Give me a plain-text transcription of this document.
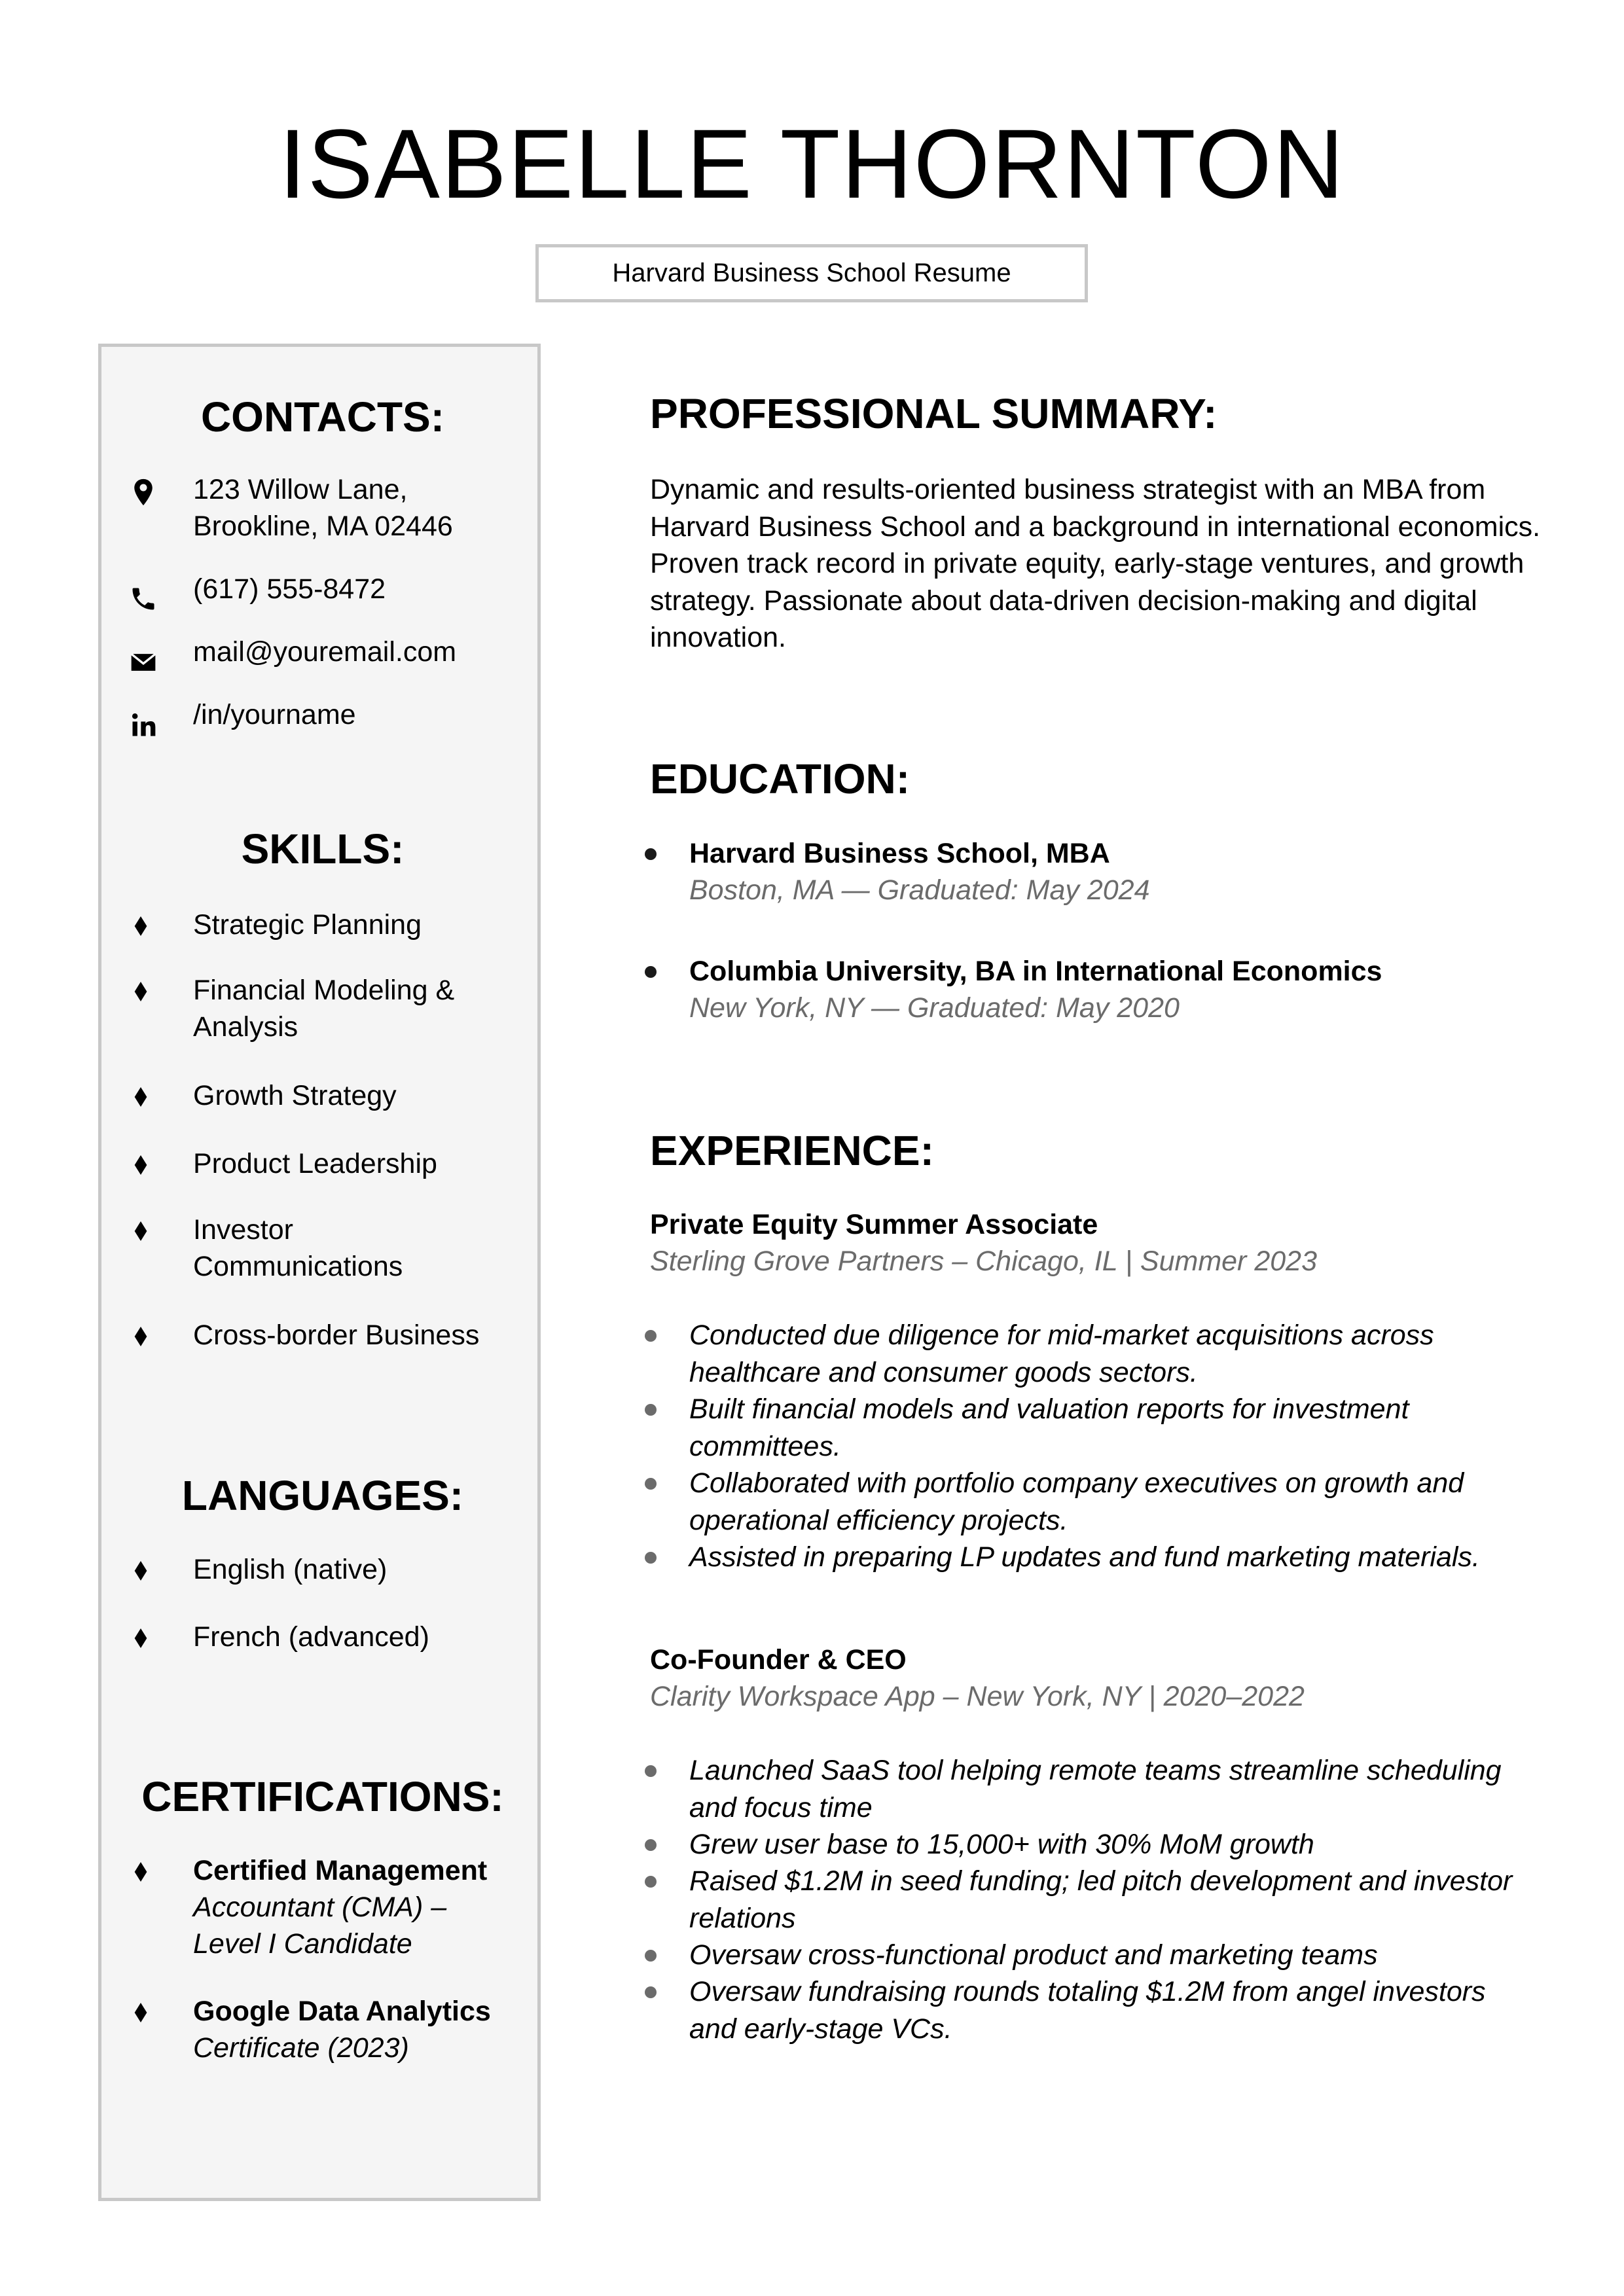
ISABELLE THORNTON
Harvard Business School Resume
CONTACTS:
123 Willow Lane,
Brookline, MA 02446
(617) 555-8472
mail@youremail.com
/in/yourname
SKILLS:
Strategic Planning
Financial Modeling &
Analysis
Growth Strategy
Product Leadership
Investor
Communications
Cross-border Business
LANGUAGES:
English (native)
French (advanced)
CERTIFICATIONS:
Certified Management
Accountant (CMA) –
Level I Candidate
Google Data Analytics
Certificate (2023)
PROFESSIONAL SUMMARY:
Dynamic and results-oriented business strategist with an MBA from
Harvard Business School and a background in international economics.
Proven track record in private equity, early-stage ventures, and growth
strategy. Passionate about data-driven decision-making and digital
innovation.
EDUCATION:
Harvard Business School, MBA
Boston, MA — Graduated: May 2024
Columbia University, BA in International Economics
New York, NY — Graduated: May 2020
EXPERIENCE:
Private Equity Summer Associate
Sterling Grove Partners – Chicago, IL | Summer 2023
Conducted due diligence for mid-market acquisitions across
healthcare and consumer goods sectors.
Built financial models and valuation reports for investment
committees.
Collaborated with portfolio company executives on growth and
operational efficiency projects.
Assisted in preparing LP updates and fund marketing materials.
Co-Founder & CEO
Clarity Workspace App – New York, NY | 2020–2022
Launched SaaS tool helping remote teams streamline scheduling
and focus time
Grew user base to 15,000+ with 30% MoM growth
Raised $1.2M in seed funding; led pitch development and investor
relations
Oversaw cross-functional product and marketing teams
Oversaw fundraising rounds totaling $1.2M from angel investors
and early-stage VCs.
